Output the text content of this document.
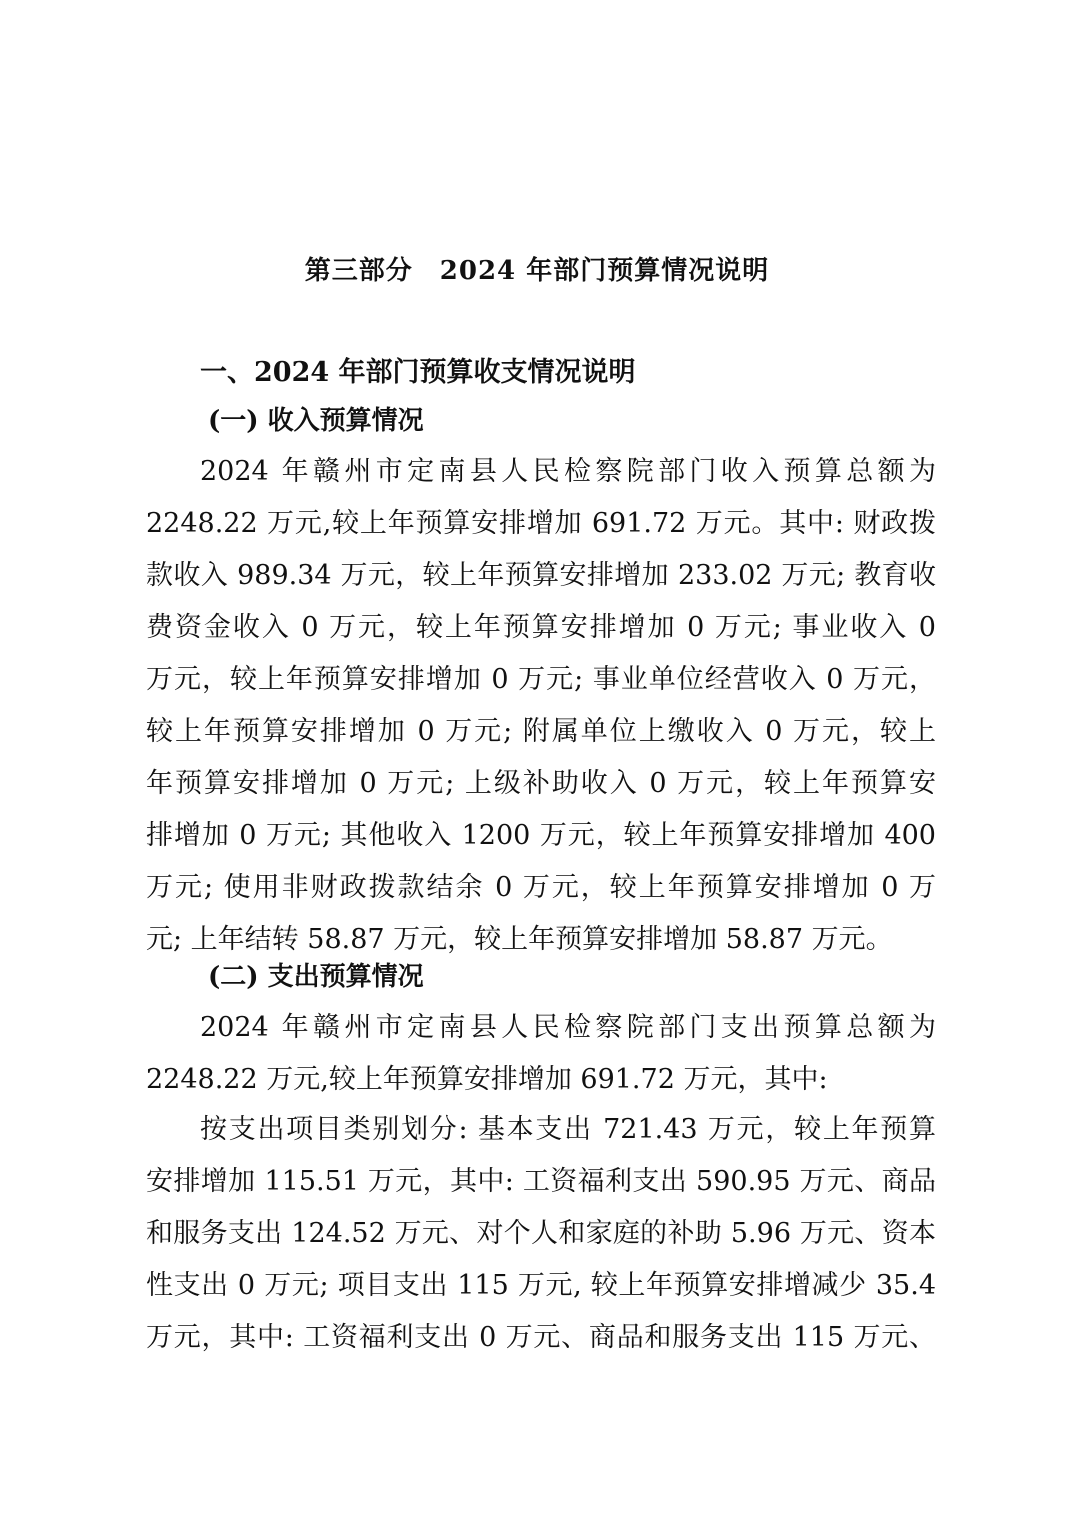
第三部分　2024 年部门预算情况说明
一、2024 年部门预算收支情况说明
(一) 收入预算情况
2024 年赣州市定南县人民检察院部门收入预算总额为
2248.22 万元,较上年预算安排增加 691.72 万元。其中: 财政拨
款收入 989.34 万元，较上年预算安排增加 233.02 万元; 教育收
费资金收入 0 万元，较上年预算安排增加 0 万元; 事业收入 0
万元，较上年预算安排增加 0 万元; 事业单位经营收入 0 万元，
较上年预算安排增加 0 万元; 附属单位上缴收入 0 万元，较上
年预算安排增加 0 万元; 上级补助收入 0 万元，较上年预算安
排增加 0 万元; 其他收入 1200 万元，较上年预算安排增加 400
万元; 使用非财政拨款结余 0 万元，较上年预算安排增加 0 万
元; 上年结转 58.87 万元，较上年预算安排增加 58.87 万元。
(二) 支出预算情况
2024 年赣州市定南县人民检察院部门支出预算总额为
2248.22 万元,较上年预算安排增加 691.72 万元，其中:
按支出项目类别划分: 基本支出 721.43 万元，较上年预算
安排增加 115.51 万元，其中: 工资福利支出 590.95 万元、商品
和服务支出 124.52 万元、对个人和家庭的补助 5.96 万元、资本
性支出 0 万元; 项目支出 115 万元, 较上年预算安排增减少 35.4
万元，其中: 工资福利支出 0 万元、商品和服务支出 115 万元、
